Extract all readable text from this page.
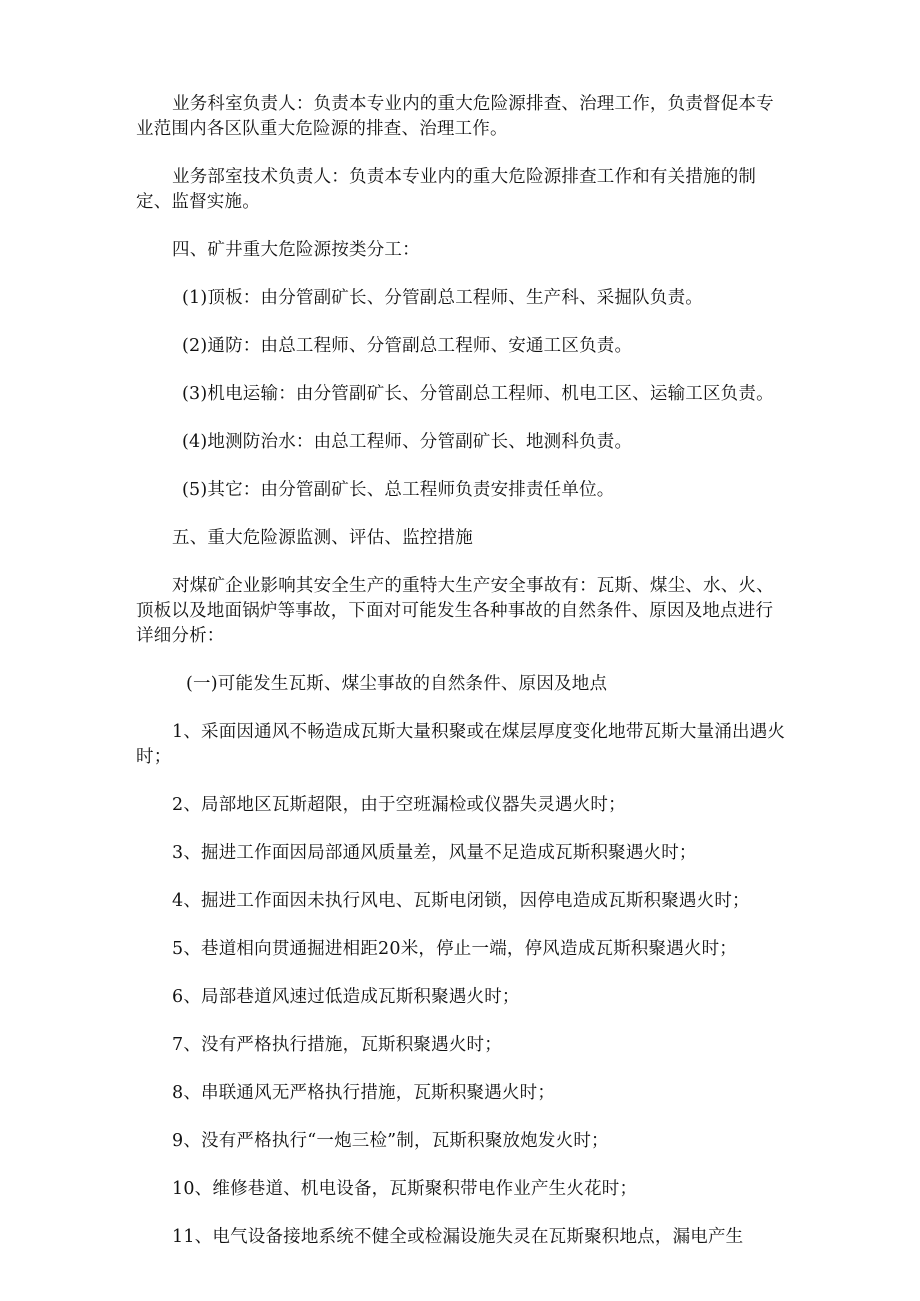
业务科室负责人：负责本专业内的重大危险源排查、治理工作，负责督促本专业范围内各区队重大危险源的排查、治理工作。

业务部室技术负责人：负责本专业内的重大危险源排查工作和有关措施的制定、监督实施。

四、矿井重大危险源按类分工：

(1)顶板：由分管副矿长、分管副总工程师、生产科、采掘队负责。

(2)通防：由总工程师、分管副总工程师、安通工区负责。

(3)机电运输：由分管副矿长、分管副总工程师、机电工区、运输工区负责。

(4)地测防治水：由总工程师、分管副矿长、地测科负责。

(5)其它：由分管副矿长、总工程师负责安排责任单位。

五、重大危险源监测、评估、监控措施

对煤矿企业影响其安全生产的重特大生产安全事故有：瓦斯、煤尘、水、火、顶板以及地面锅炉等事故，下面对可能发生各种事故的自然条件、原因及地点进行详细分析：

(一)可能发生瓦斯、煤尘事故的自然条件、原因及地点

1、采面因通风不畅造成瓦斯大量积聚或在煤层厚度变化地带瓦斯大量涌出遇火时；

2、局部地区瓦斯超限，由于空班漏检或仪器失灵遇火时；

3、掘进工作面因局部通风质量差，风量不足造成瓦斯积聚遇火时；

4、掘进工作面因未执行风电、瓦斯电闭锁，因停电造成瓦斯积聚遇火时；

5、巷道相向贯通掘进相距20米，停止一端，停风造成瓦斯积聚遇火时；

6、局部巷道风速过低造成瓦斯积聚遇火时；

7、没有严格执行措施，瓦斯积聚遇火时；

8、串联通风无严格执行措施，瓦斯积聚遇火时；

9、没有严格执行“一炮三检”制，瓦斯积聚放炮发火时；

10、维修巷道、机电设备，瓦斯聚积带电作业产生火花时；

11、电气设备接地系统不健全或检漏设施失灵在瓦斯聚积地点，漏电产生
